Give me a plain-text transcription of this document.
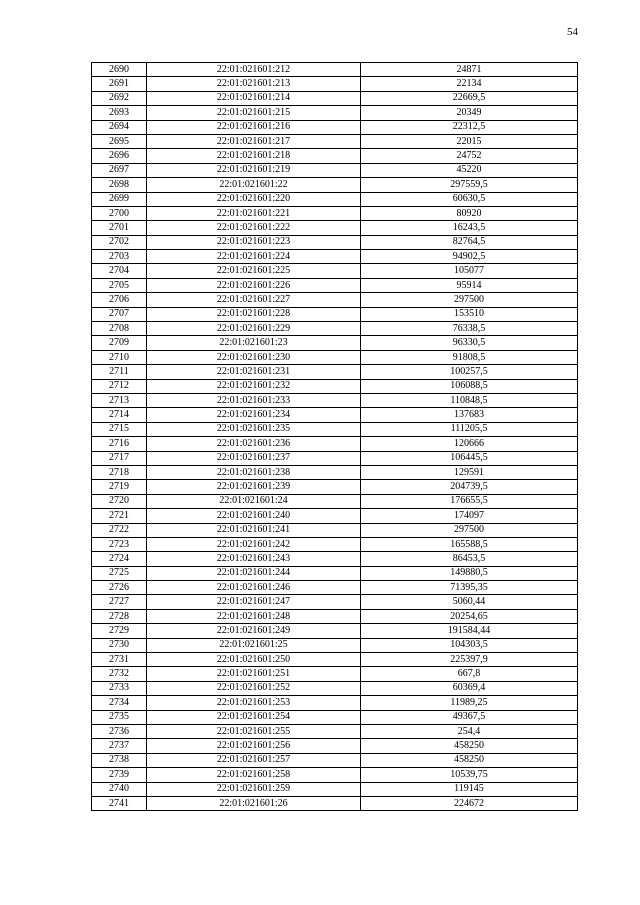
54
2690	22:01:021601:212	24871
2691	22:01:021601:213	22134
2692	22:01:021601:214	22669,5
2693	22:01:021601:215	20349
2694	22:01:021601:216	22312,5
2695	22:01:021601:217	22015
2696	22:01:021601:218	24752
2697	22:01:021601:219	45220
2698	22:01:021601:22	297559,5
2699	22:01:021601:220	60630,5
2700	22:01:021601:221	80920
2701	22:01:021601:222	16243,5
2702	22:01:021601:223	82764,5
2703	22:01:021601:224	94902,5
2704	22:01:021601:225	105077
2705	22:01:021601:226	95914
2706	22:01:021601:227	297500
2707	22:01:021601:228	153510
2708	22:01:021601:229	76338,5
2709	22:01:021601:23	96330,5
2710	22:01:021601:230	91808,5
2711	22:01:021601:231	100257,5
2712	22:01:021601:232	106088,5
2713	22:01:021601:233	110848,5
2714	22:01:021601:234	137683
2715	22:01:021601:235	111205,5
2716	22:01:021601:236	120666
2717	22:01:021601:237	106445,5
2718	22:01:021601:238	129591
2719	22:01:021601:239	204739,5
2720	22:01:021601:24	176655,5
2721	22:01:021601:240	174097
2722	22:01:021601:241	297500
2723	22:01:021601:242	165588,5
2724	22:01:021601:243	86453,5
2725	22:01:021601:244	149880,5
2726	22:01:021601:246	71395,35
2727	22:01:021601:247	5060,44
2728	22:01:021601:248	20254,65
2729	22:01:021601:249	191584,44
2730	22:01:021601:25	104303,5
2731	22:01:021601:250	225397,9
2732	22:01:021601:251	667,8
2733	22:01:021601:252	60369,4
2734	22:01:021601:253	11989,25
2735	22:01:021601:254	49367,5
2736	22:01:021601:255	254,4
2737	22:01:021601:256	458250
2738	22:01:021601:257	458250
2739	22:01:021601:258	10539,75
2740	22:01:021601:259	119145
2741	22:01:021601:26	224672
